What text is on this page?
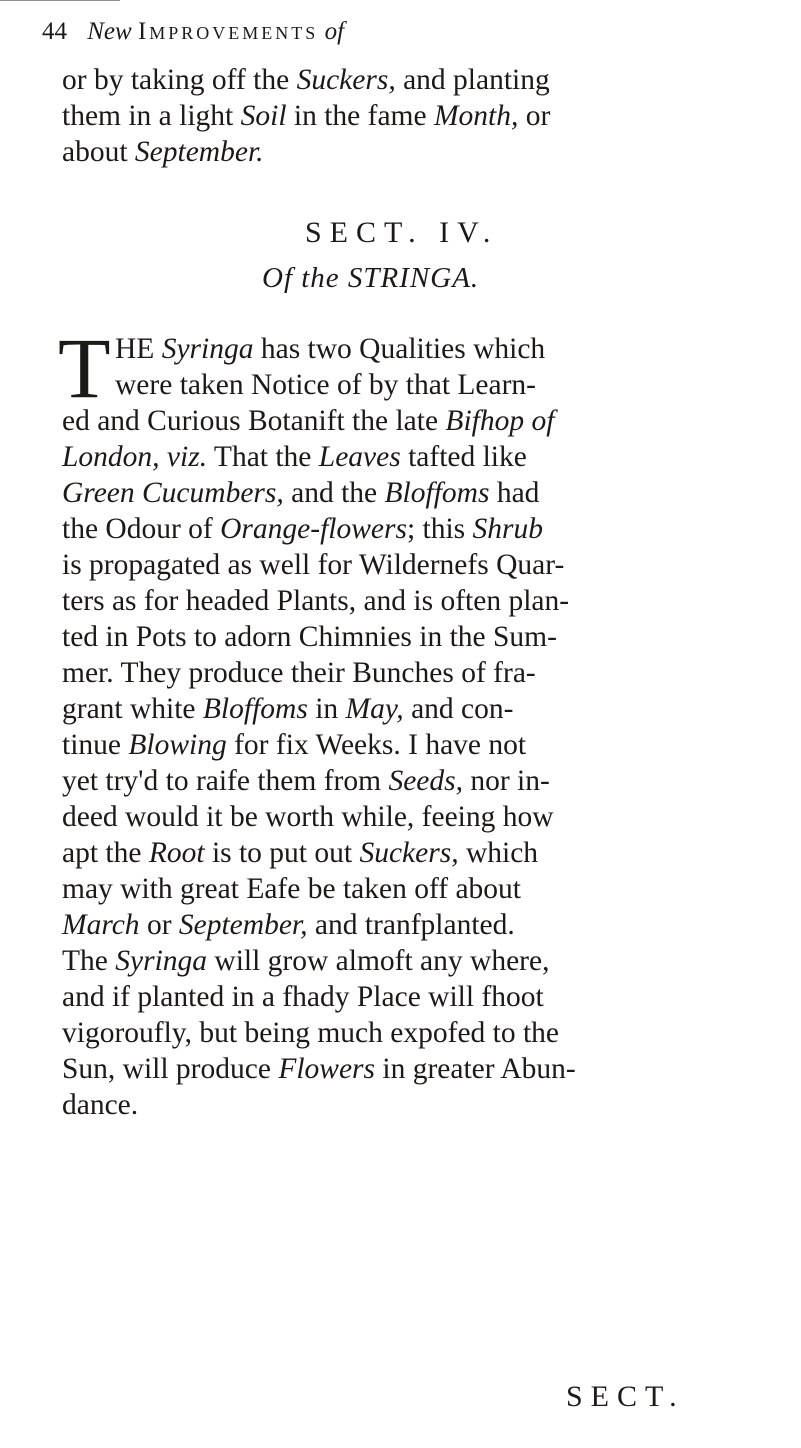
44 New Improvements of
or by taking off the Suckers, and planting
them in a light Soil in the fame Month, or
about September.
SECT. IV.
Of the STRINGA.
T HE Syringa has two Qualities which
were taken Notice of by that Learn-
ed and Curious Botanift the late Bifhop of
London, viz. That the Leaves tafted like
Green Cucumbers, and the Bloffoms had
the Odour of Orange-flowers; this Shrub
is propagated as well for Wildernefs Quar-
ters as for headed Plants, and is often plan-
ted in Pots to adorn Chimnies in the Sum-
mer. They produce their Bunches of fra-
grant white Bloffoms in May, and con-
tinue Blowing for fix Weeks. I have not
yet try'd to raife them from Seeds, nor in-
deed would it be worth while, feeing how
apt the Root is to put out Suckers, which
may with great Eafe be taken off about
March or September, and tranfplanted.
The Syringa will grow almoft any where,
and if planted in a fhady Place will fhoot
vigoroufly, but being much expofed to the
Sun, will produce Flowers in greater Abun-
dance.
SECT.
